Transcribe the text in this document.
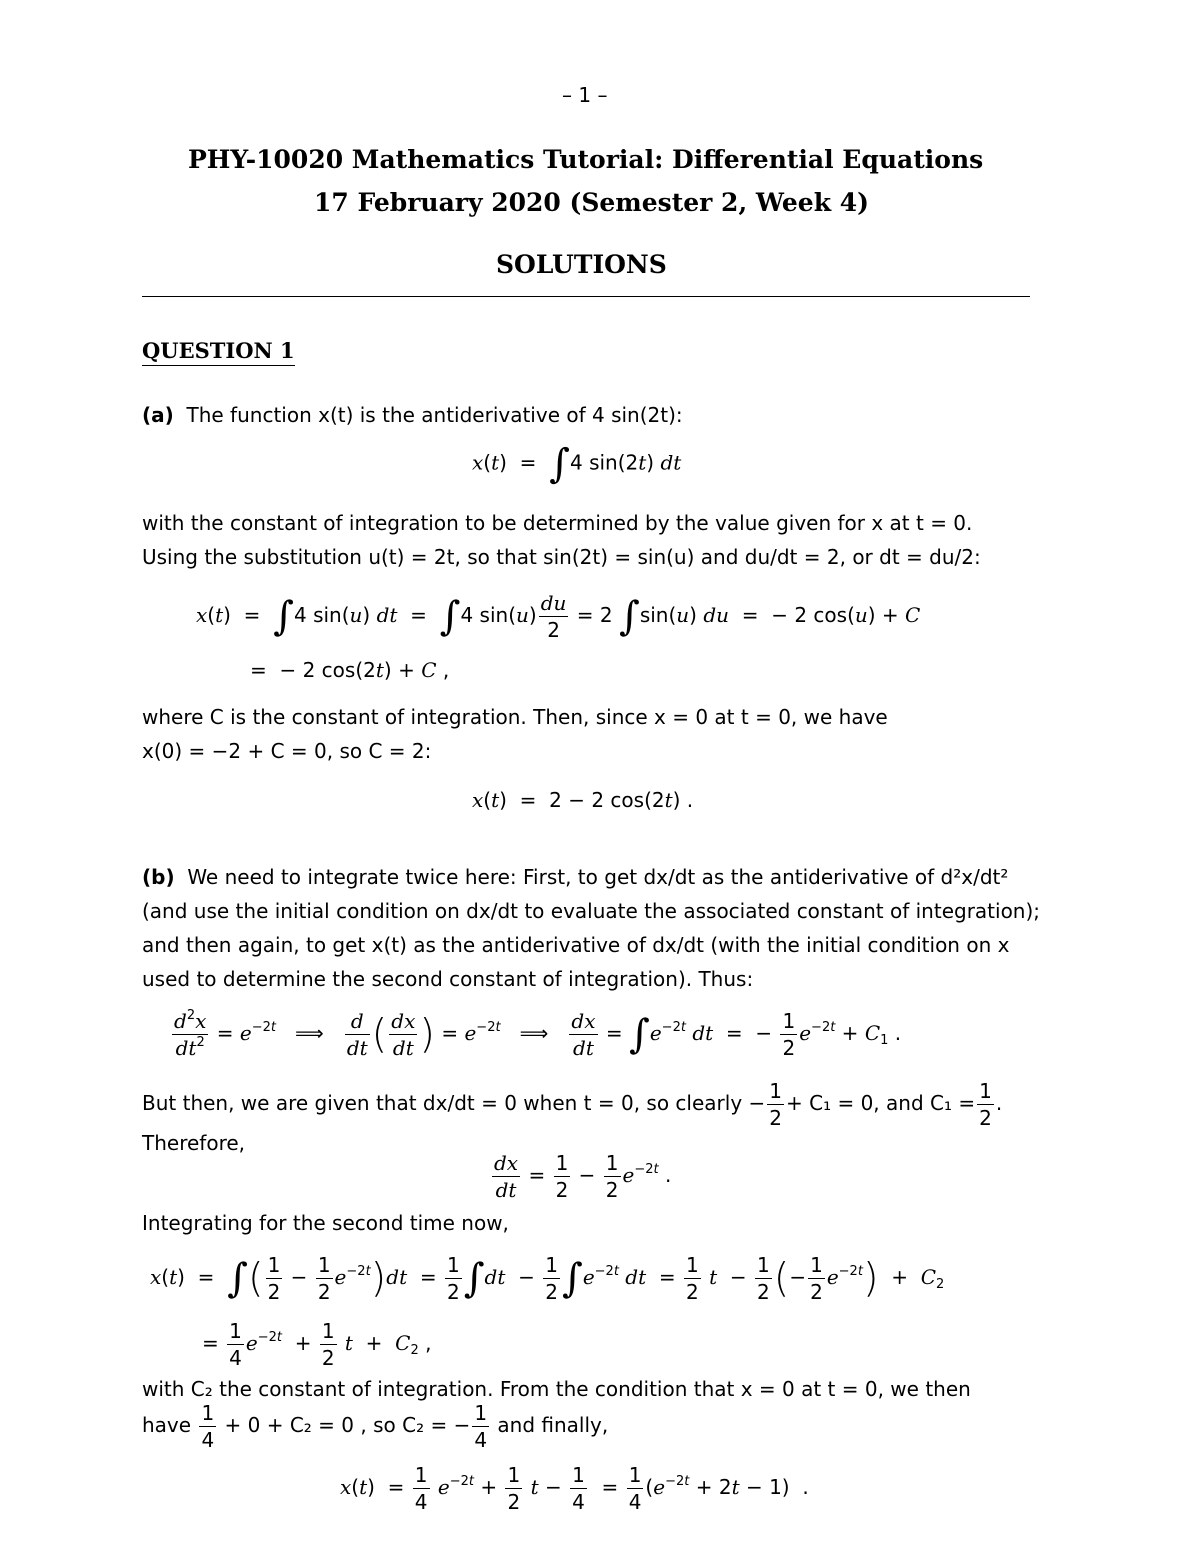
– 1 –
PHY-10020 Mathematics Tutorial: Differential Equations
17 February 2020 (Semester 2, Week 4)
SOLUTIONS
QUESTION 1
(a) The function x(t) is the antiderivative of 4 sin(2t):
x(t)  =  ∫4 sin(2t) dt
with the constant of integration to be determined by the value given for x at t = 0.
Using the substitution u(t) = 2t, so that sin(2t) = sin(u) and du/dt = 2, or dt = du/2:
x(t)  =  ∫4 sin(u) dt  =  ∫4 $\sin(u) \frac{du}{2} = 2$ ∫sin(u) du  =  − 2 cos(u) + C
=  − 2 cos(2t) + C ,
where C is the constant of integration. Then, since x = 0 at t = 0, we have
x(0) = −2 + C = 0, so C = 2:
x(t)  =  2 − 2 cos(2t) .
(b) We need to integrate twice here: First, to get dx/dt as the antiderivative of d²x/dt²
(and use the initial condition on dx/dt to evaluate the associated constant of integration);
and then again, to get x(t) as the antiderivative of dx/dt (with the initial condition on x
used to determine the second constant of integration). Thus:
$\frac{d^2x}{dt^2} = e^{-2t}$   ⟹ $\frac{d}{dt}$ ( $\frac{dx}{dt}$ ) = $e^{-2t}$   ⟹ $\frac{dx}{dt} = \int e^{-2t}$ dt  =  − $\frac{1}{2} e^{-2t} + C_1$ .
But then, we are given that dx/dt = 0 when t = 0, so clearly − $\frac{1}{2} + C_1 = 0$, and $C_1 = \frac{1}{2}$ .
Therefore,
$\frac{dx}{dt} = \frac{1}{2} - \frac{1}{2} e^{-2t}$ .
Integrating for the second time now,
x(t)  =  ∫( $\frac{1}{2} - \frac{1}{2} e^{-2t})dt = \frac{1}{2} \int dt - \frac{1}{2} \int e^{-2t}$ dt  = $\frac{1}{2}$ $t - \frac{1}{2}$ (− $\frac{1}{2} e^{-2t}) + C_2$
= $\frac{1}{4} e^{-2t} + \frac{1}{2}$ $t + C_2$ ,
with C₂ the constant of integration. From the condition that x = 0 at t = 0, we then
have $\frac{1}{4} + 0 + C_2 = 0$ , so C₂ = − $\frac{1}{4}$ and finally,
$x(t) = \frac{1}{4} e^{-2t} + \frac{1}{2}$ $t - \frac{1}{4} = \frac{1}{4} (e^{-2t} + 2t - 1)$  .
